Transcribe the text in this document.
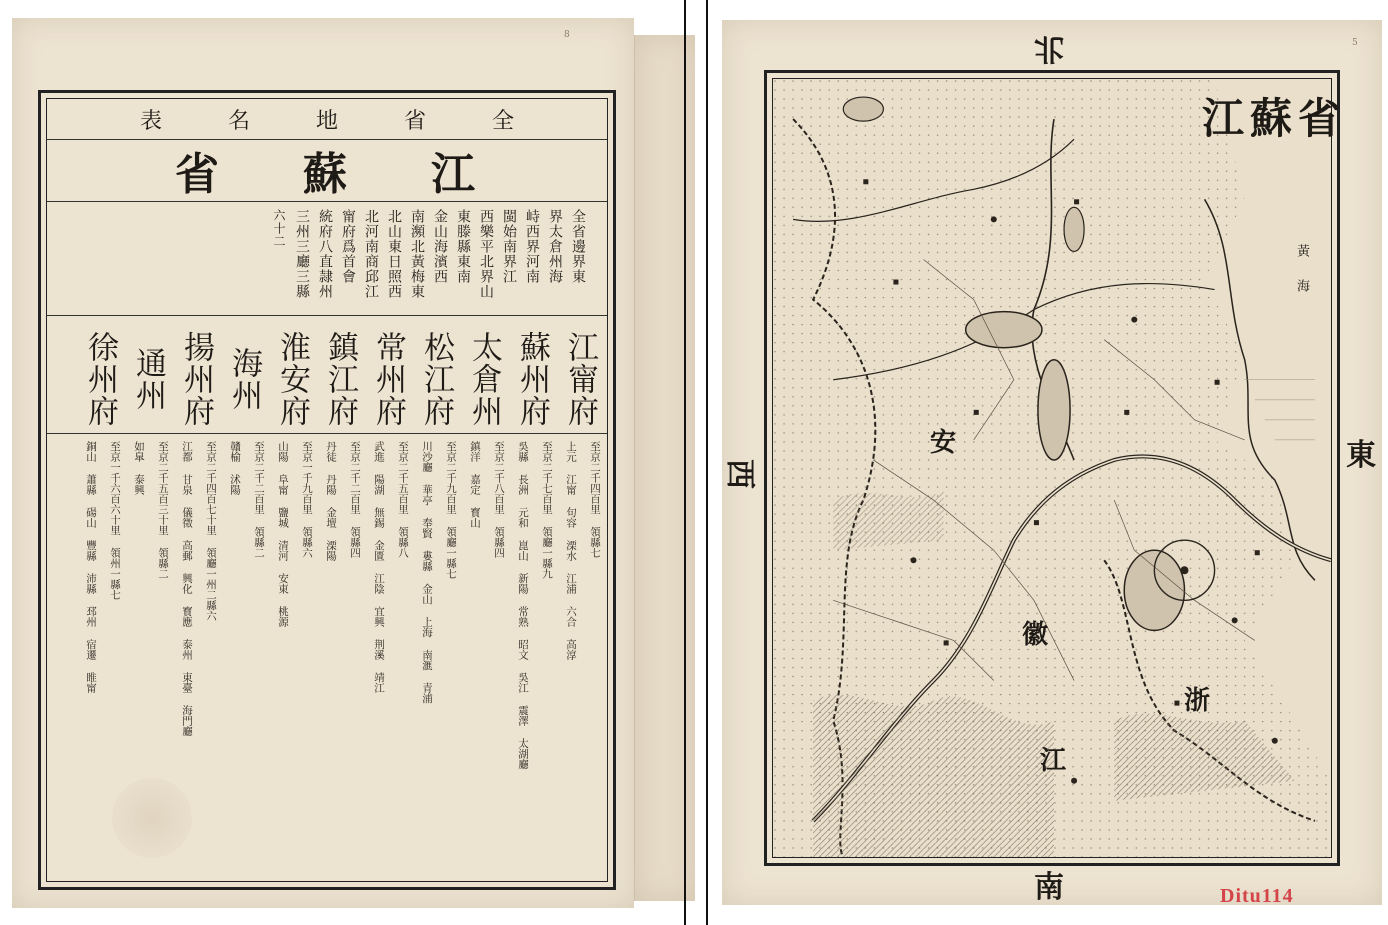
8
全
省
地
名
表
江
蘇
省
全省邊界東
界太倉州海
峙西界河南
閩始南界江
西樂平北界山
東滕縣東南
金山海濱西
南瀕北黃梅東
北山東日照西
北河南商邱江
甯府爲首會
統府八直隷州
三州三廳三縣
六十二
江甯府
蘇州府
太倉州
松江府
常州府
鎮江府
淮安府
海州
揚州府
通州
徐州府
至京二千四百里 領縣七
上元 江甯 句容 溧水 江浦 六合 高淳
至京二千七百里 領廳一縣九
吳縣 長洲 元和 崑山 新陽 常熟 昭文 吳江 震澤 太湖廳
至京二千八百里 領縣四
鎮洋 嘉定 寳山
至京二千九百里 領廳一縣七
川沙廳 華亭 奉賢 婁縣 金山 上海 南滙 青浦
至京二千五百里 領縣八
武進 陽湖 無錫 金匱 江陰 宜興 荆溪 靖江
至京二千二百里 領縣四
丹徒 丹陽 金壇 溧陽
至京一千九百里 領縣六
山陽 阜甯 鹽城 清河 安東 桃源
至京二千二百里 領縣二
贛榆 沭陽
至京二千四百七十里 領廳一州二縣六
江都 甘泉 儀徵 高郵 興化 寳應 泰州 東臺 海門廳
至京二千五百三十里 領縣二
如臯 泰興
至京一千六百六十里 領州一縣七
銅山 蕭縣 碭山 豐縣 沛縣 邳州 宿遷 睢甯
5
北
南
東
西
江蘇省
安
徽
浙
江
黃海
Ditu114
